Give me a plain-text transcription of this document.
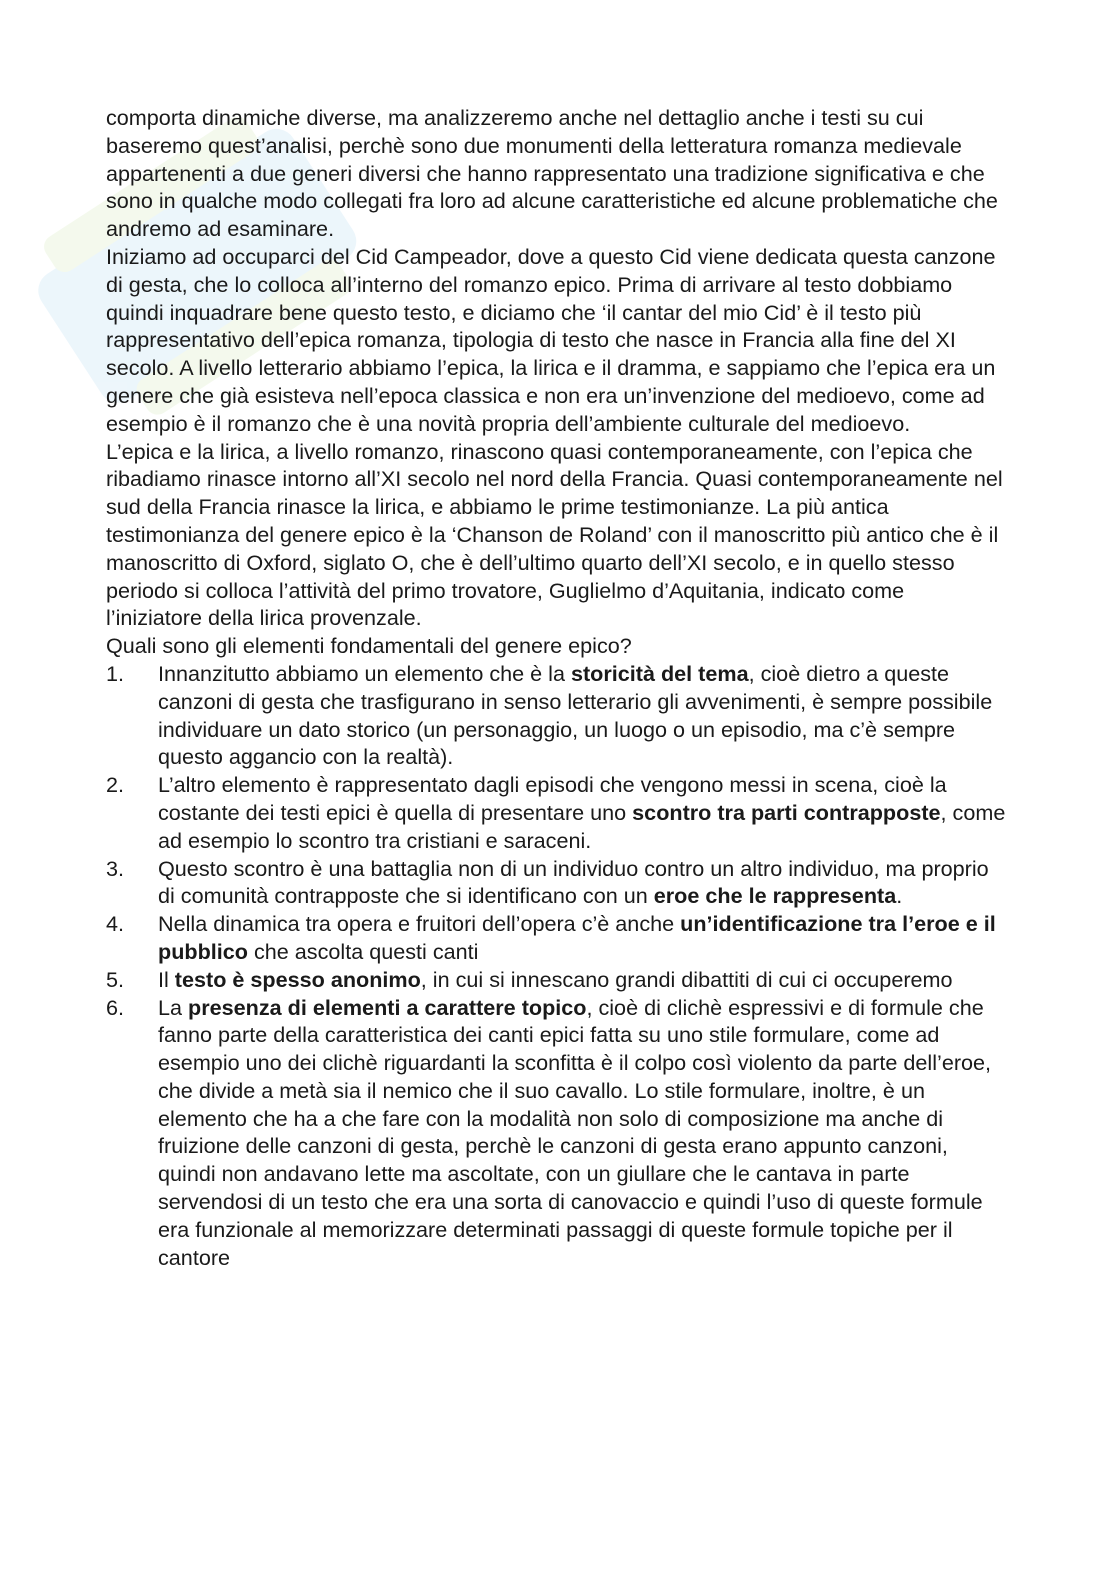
comporta dinamiche diverse, ma analizzeremo anche nel dettaglio anche i testi su cui baseremo quest’analisi, perchè sono due monumenti della letteratura romanza medievale appartenenti a due generi diversi che hanno rappresentato una tradizione significativa e che sono in qualche modo collegati fra loro ad alcune caratteristiche ed alcune problematiche che andremo ad esaminare.

Iniziamo ad occuparci del Cid Campeador, dove a questo Cid viene dedicata questa canzone di gesta, che lo colloca all’interno del romanzo epico. Prima di arrivare al testo dobbiamo quindi inquadrare bene questo testo, e diciamo che ‘il cantar del mio Cid’ è il testo più rappresentativo dell’epica romanza, tipologia di testo che nasce in Francia alla fine del XI secolo. A livello letterario abbiamo l’epica, la lirica e il dramma, e sappiamo che l’epica era un genere che già esisteva nell’epoca classica e non era un’invenzione del medioevo, come ad esempio è il romanzo che è una novità propria dell’ambiente culturale del medioevo.

L’epica e la lirica, a livello romanzo, rinascono quasi contemporaneamente, con l’epica che ribadiamo rinasce intorno all’XI secolo nel nord della Francia. Quasi contemporaneamente nel sud della Francia rinasce la lirica, e abbiamo le prime testimonianze. La più antica testimonianza del genere epico è la ‘Chanson de Roland’ con il manoscritto più antico che è il manoscritto di Oxford, siglato O, che è dell’ultimo quarto dell’XI secolo, e in quello stesso periodo si colloca l’attività del primo trovatore, Guglielmo d’Aquitania, indicato come l’iniziatore della lirica provenzale.

Quali sono gli elementi fondamentali del genere epico?

1. Innanzitutto abbiamo un elemento che è la storicità del tema, cioè dietro a queste canzoni di gesta che trasfigurano in senso letterario gli avvenimenti, è sempre possibile individuare un dato storico (un personaggio, un luogo o un episodio, ma c’è sempre questo aggancio con la realtà).
2. L’altro elemento è rappresentato dagli episodi che vengono messi in scena, cioè la costante dei testi epici è quella di presentare uno scontro tra parti contrapposte, come ad esempio lo scontro tra cristiani e saraceni.
3. Questo scontro è una battaglia non di un individuo contro un altro individuo, ma proprio di comunità contrapposte che si identificano con un eroe che le rappresenta.
4. Nella dinamica tra opera e fruitori dell’opera c’è anche un’identificazione tra l’eroe e il pubblico che ascolta questi canti
5. Il testo è spesso anonimo, in cui si innescano grandi dibattiti di cui ci occuperemo
6. La presenza di elementi a carattere topico, cioè di clichè espressivi e di formule che fanno parte della caratteristica dei canti epici fatta su uno stile formulare, come ad esempio uno dei clichè riguardanti la sconfitta è il colpo così violento da parte dell’eroe, che divide a metà sia il nemico che il suo cavallo. Lo stile formulare, inoltre, è un elemento che ha a che fare con la modalità non solo di composizione ma anche di fruizione delle canzoni di gesta, perchè le canzoni di gesta erano appunto canzoni, quindi non andavano lette ma ascoltate, con un giullare che le cantava in parte servendosi di un testo che era una sorta di canovaccio e quindi l’uso di queste formule era funzionale al memorizzare determinati passaggi di queste formule topiche per il cantore
